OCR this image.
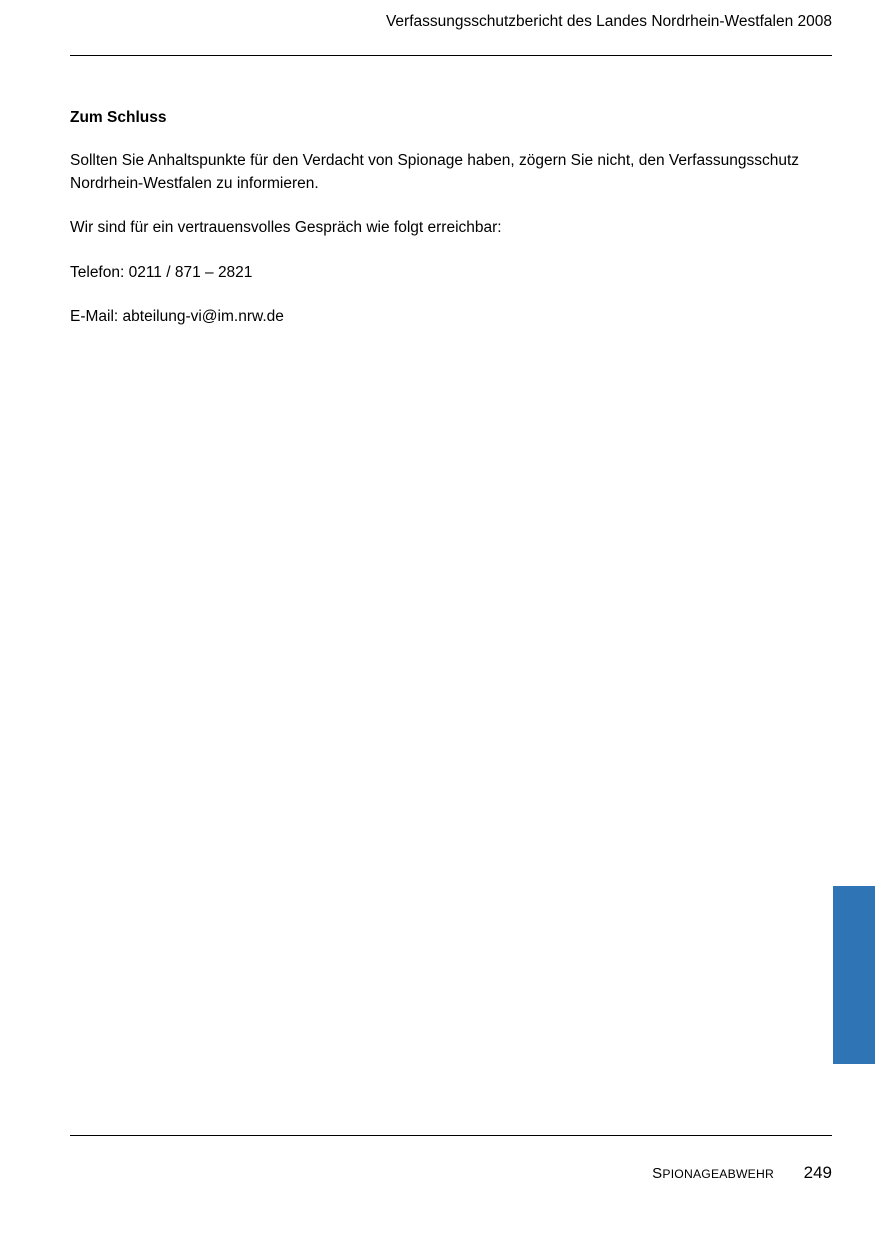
Verfassungsschutzbericht des Landes Nordrhein-Westfalen 2008
Zum Schluss

Sollten Sie Anhaltspunkte für den Verdacht von Spionage haben, zögern Sie nicht, den Verfassungsschutz Nordrhein-Westfalen zu informieren.

Wir sind für ein vertrauensvolles Gespräch wie folgt erreichbar:

Telefon: 0211 / 871 – 2821

E-Mail: abteilung-vi@im.nrw.de

SPIONAGEABWEHR	249
